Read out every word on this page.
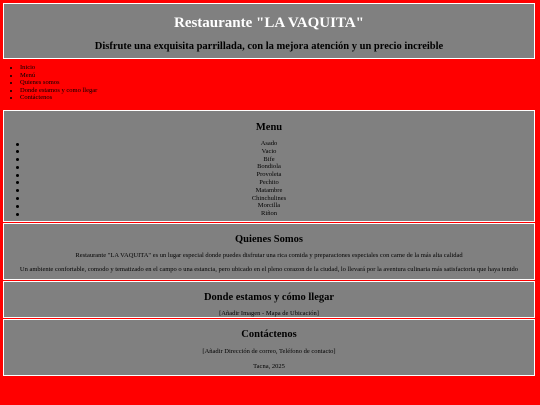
Restaurante "LA VAQUITA"
Disfrute una exquisita parrillada, con la mejora atención y un precio increible
• Inicio
• Menú
• Quienes somos
• Donde estamos y como llegar
• Contáctenos
Menu
Asado
Vacio
Bife
Bondiola
Provoleta
Pechito
Matambre
Chinchulines
Morcilla
Riñon
Quienes Somos

Restaurante "LA VAQUITA" es un lugar especial donde puedes disfrutar una rica comida y preparaciones especiales con carne de la más alta calidad

Un ambiente confortable, comodo y tematizado en el campo o una estancia, pero ubicado en el pleno corazon de la ciudad, lo llevará por la aventura culinaria más satisfactoria que haya tenido

Donde estamos y cómo llegar

[Añadir Imagen - Mapa de Ubicación]

Contáctenos

[Añadir Dirección de correo, Teléfono de contacto]

Tacna, 2025
